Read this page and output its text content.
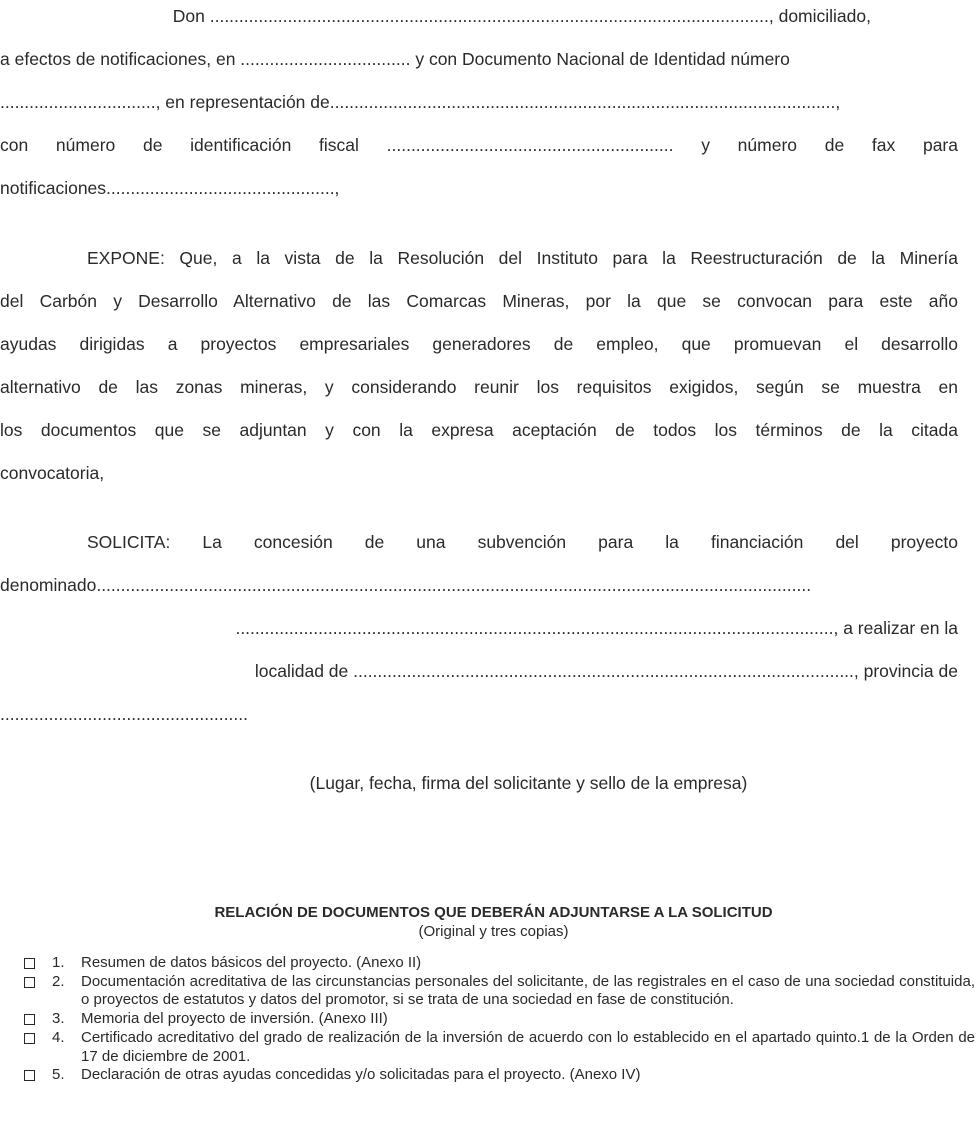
Don ..................................................................................................................., domiciliado,
a efectos de notificaciones, en ................................... y con Documento Nacional de Identidad número
................................, en representación de........................................................................................................,
con número de identificación fiscal ........................................................... y número de fax para
notificaciones...............................................,
EXPONE: Que, a la vista de la Resolución del Instituto para la Reestructuración de la Minería
del Carbón y Desarrollo Alternativo de las Comarcas Mineras, por la que se convocan para este año
ayudas dirigidas a proyectos empresariales generadores de empleo, que promuevan el desarrollo
alternativo de las zonas mineras, y considerando reunir los requisitos exigidos, según se muestra en
los documentos que se adjuntan y con la expresa aceptación de todos los términos de la citada
convocatoria,
SOLICITA: La concesión de una subvención para la financiación del proyecto
denominado...................................................................................................................................................
..........................................................................................................................., a realizar en la
localidad de ......................................................................................................., provincia de
...................................................
(Lugar, fecha, firma del solicitante y sello de la empresa)
RELACIÓN DE DOCUMENTOS QUE DEBERÁN ADJUNTARSE A LA SOLICITUD
(Original y tres copias)
1. Resumen de datos básicos del proyecto. (Anexo II)
2. Documentación acreditativa de las circunstancias personales del solicitante, de las registrales en el caso de una sociedad constituida, o proyectos de estatutos y datos del promotor, si se trata de una sociedad en fase de constitución.
3. Memoria del proyecto de inversión. (Anexo III)
4. Certificado acreditativo del grado de realización de la inversión de acuerdo con lo establecido en el apartado quinto.1 de la Orden de 17 de diciembre de 2001.
5. Declaración de otras ayudas concedidas y/o solicitadas para el proyecto. (Anexo IV)
